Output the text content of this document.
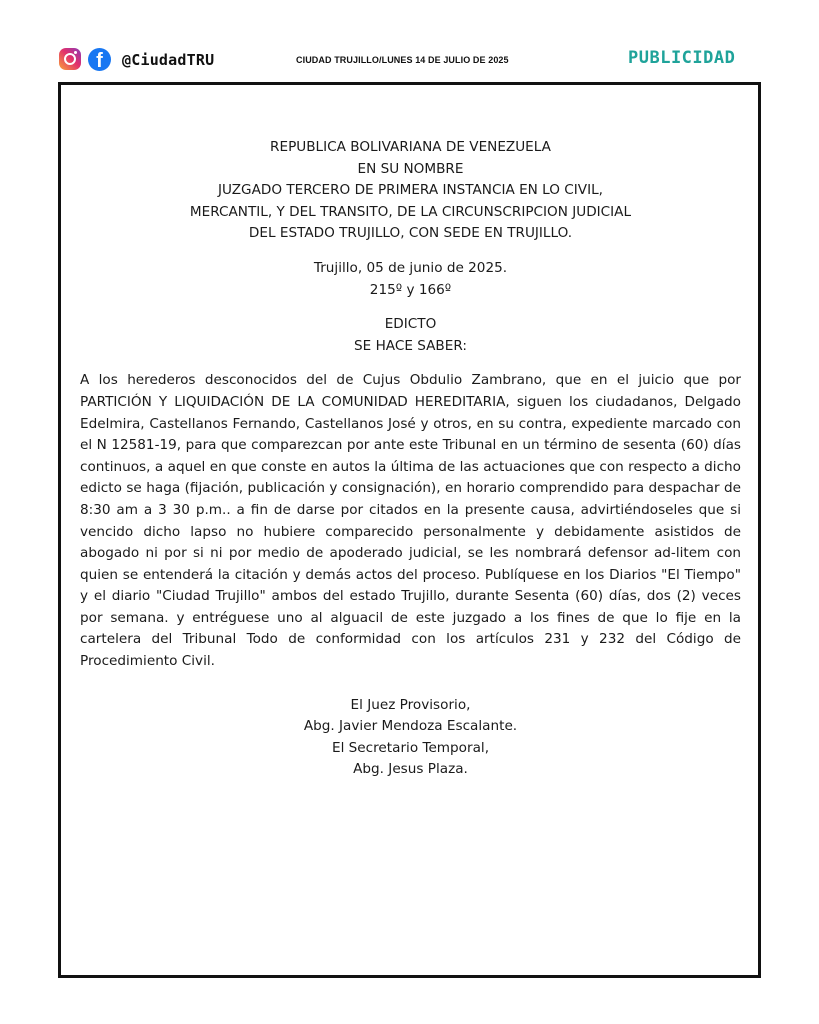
f	@CiudadTRU	CIUDAD TRUJILLO/LUNES 14 DE JULIO DE 2025	PUBLICIDAD
REPUBLICA BOLIVARIANA DE VENEZUELA
EN SU NOMBRE
JUZGADO TERCERO DE PRIMERA INSTANCIA EN LO CIVIL,
MERCANTIL, Y DEL TRANSITO, DE LA CIRCUNSCRIPCION JUDICIAL
DEL ESTADO TRUJILLO, CON SEDE EN TRUJILLO.
Trujillo, 05 de junio de 2025.
215º y 166º
EDICTO
SE HACE SABER:

A los herederos desconocidos del de Cujus Obdulio Zambrano, que en el juicio que por PARTICIÓN Y LIQUIDACIÓN DE LA COMUNIDAD HEREDITARIA, siguen los ciudadanos, Delgado Edelmira, Castellanos Fernando, Castellanos José y otros, en su contra, expediente marcado con el N 12581-19, para que comparezcan por ante este Tribunal en un término de sesenta (60) días continuos, a aquel en que conste en autos la última de las actuaciones que con respecto a dicho edicto se haga (fijación, publicación y consignación), en horario comprendido para despachar de 8:30 am a 3 30 p.m.. a fin de darse por citados en la presente causa, advirtiéndoseles que si vencido dicho lapso no hubiere comparecido personalmente y debidamente asistidos de abogado ni por si ni por medio de apoderado judicial, se les nombrará defensor ad-litem con quien se entenderá la citación y demás actos del proceso. Publíquese en los Diarios "El Tiempo" y el diario "Ciudad Trujillo" ambos del estado Trujillo, durante Sesenta (60) días, dos (2) veces por semana. y entréguese uno al alguacil de este juzgado a los fines de que lo fije en la cartelera del Tribunal Todo de conformidad con los artículos 231 y 232 del Código de Procedimiento Civil.

El Juez Provisorio,
Abg. Javier Mendoza Escalante.
El Secretario Temporal,
Abg. Jesus Plaza.
